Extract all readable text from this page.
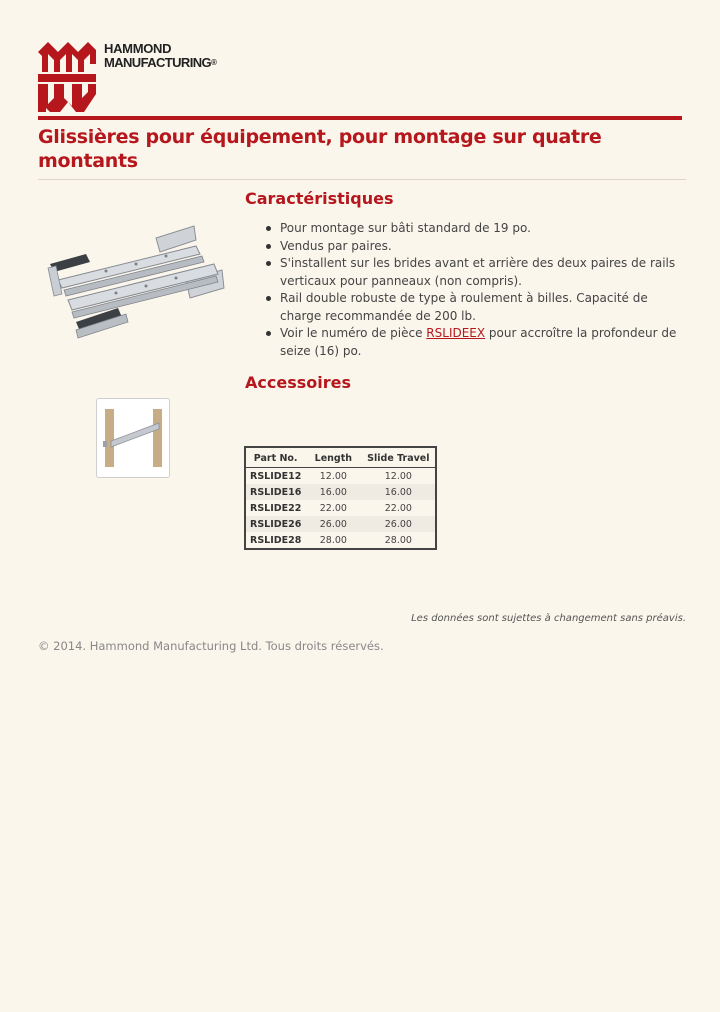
HAMMOND
MANUFACTURING®
Glissières pour équipement, pour montage sur quatre montants
Caractéristiques
Pour montage sur bâti standard de 19 po.
Vendus par paires.
S'installent sur les brides avant et arrière des deux paires de rails verticaux pour panneaux (non compris).
Rail double robuste de type à roulement à billes. Capacité de charge recommandée de 200 lb.
Voir le numéro de pièce RSLIDEEX pour accroître la profondeur de seize (16) po.
Accessoires
Part No.	Length	Slide Travel
RSLIDE12	12.00	12.00
RSLIDE16	16.00	16.00
RSLIDE22	22.00	22.00
RSLIDE26	26.00	26.00
RSLIDE28	28.00	28.00
Les données sont sujettes à changement sans préavis.
© 2014. Hammond Manufacturing Ltd. Tous droits réservés.
